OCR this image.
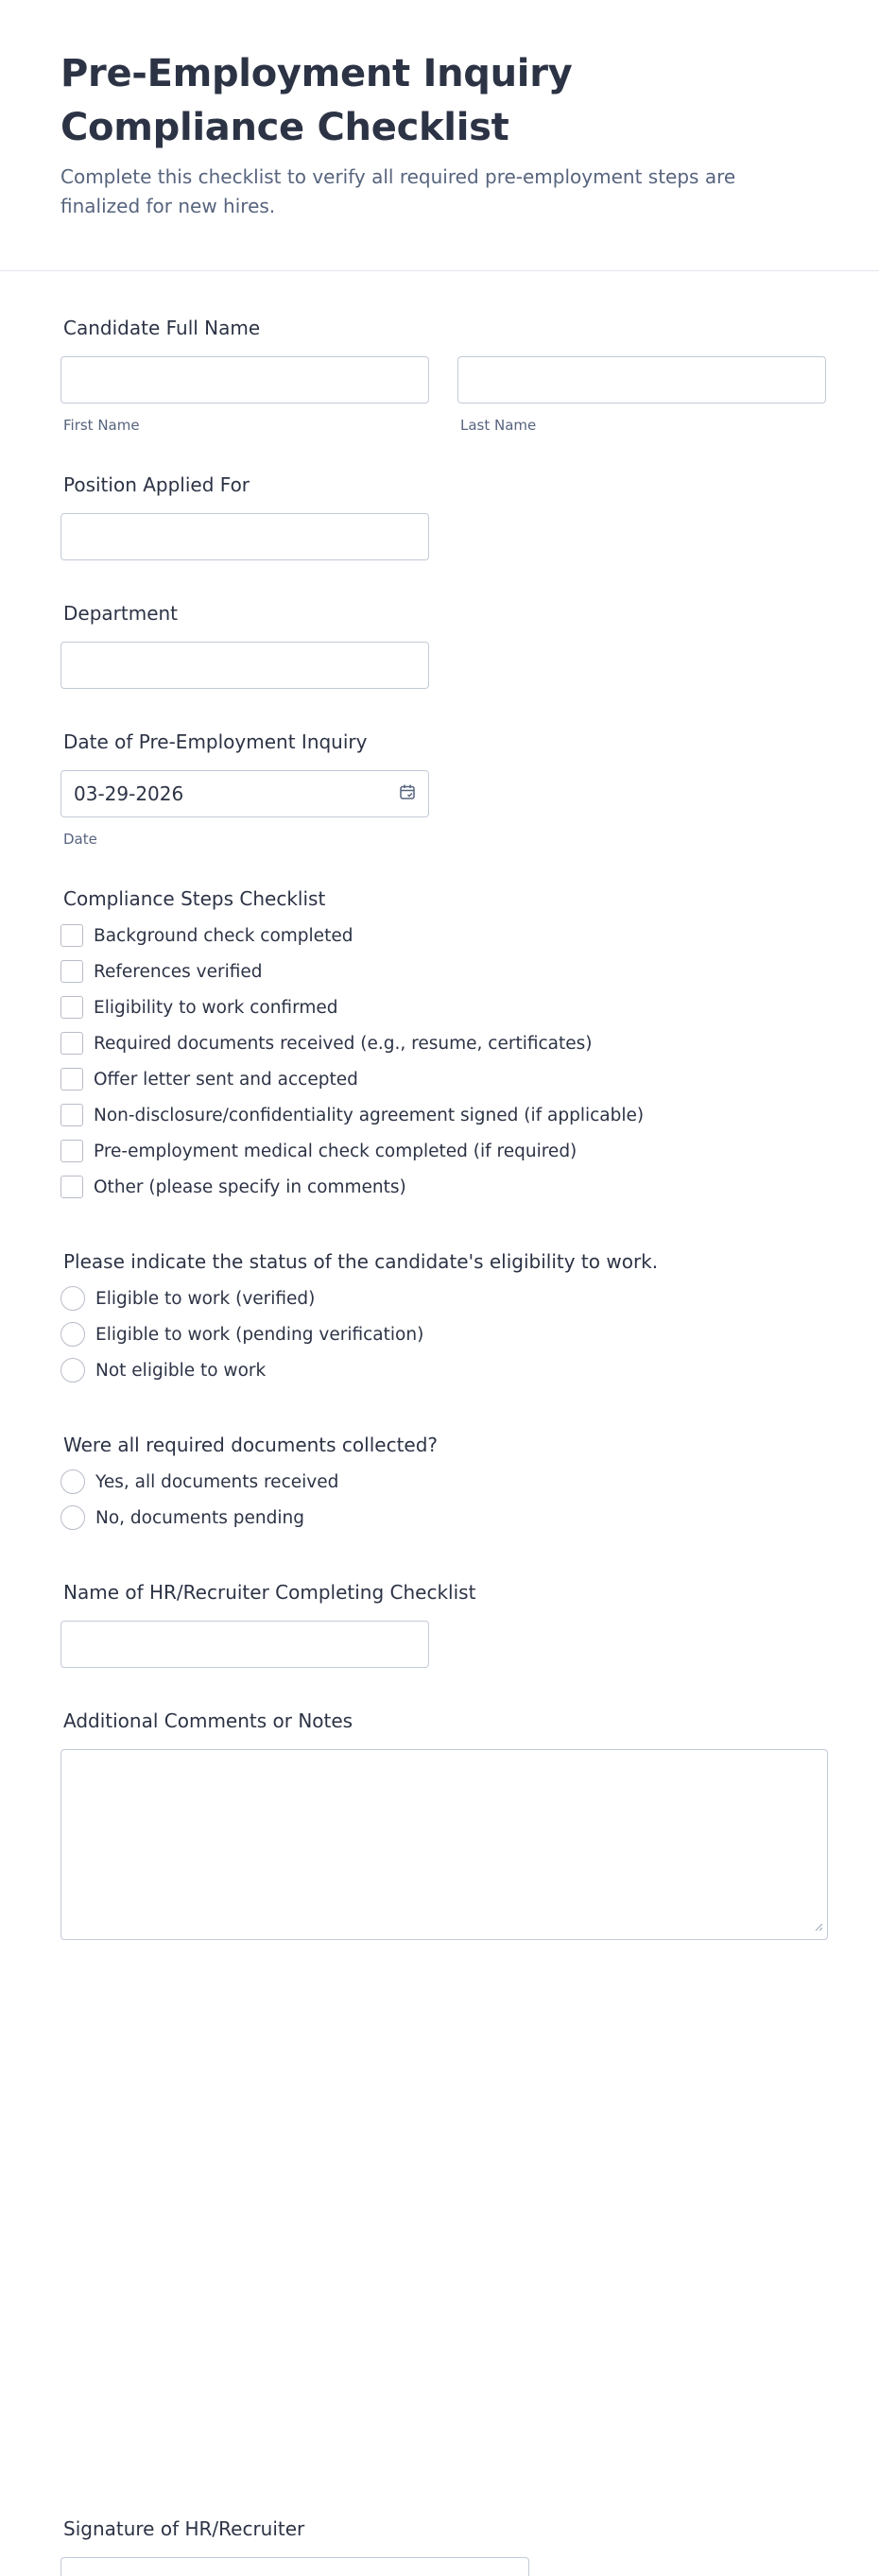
Pre-Employment Inquiry Compliance Checklist

Complete this checklist to verify all required pre-employment steps are finalized for new hires.

Candidate Full Name
First Name	Last Name
Position Applied For
Department
Date of Pre-Employment Inquiry
03-29-2026
Date
Compliance Steps Checklist
Background check completed
References verified
Eligibility to work confirmed
Required documents received (e.g., resume, certificates)
Offer letter sent and accepted
Non-disclosure/confidentiality agreement signed (if applicable)
Pre-employment medical check completed (if required)
Other (please specify in comments)
Please indicate the status of the candidate's eligibility to work.
Eligible to work (verified)
Eligible to work (pending verification)
Not eligible to work
Were all required documents collected?
Yes, all documents received
No, documents pending
Name of HR/Recruiter Completing Checklist
Additional Comments or Notes
Signature of HR/Recruiter
